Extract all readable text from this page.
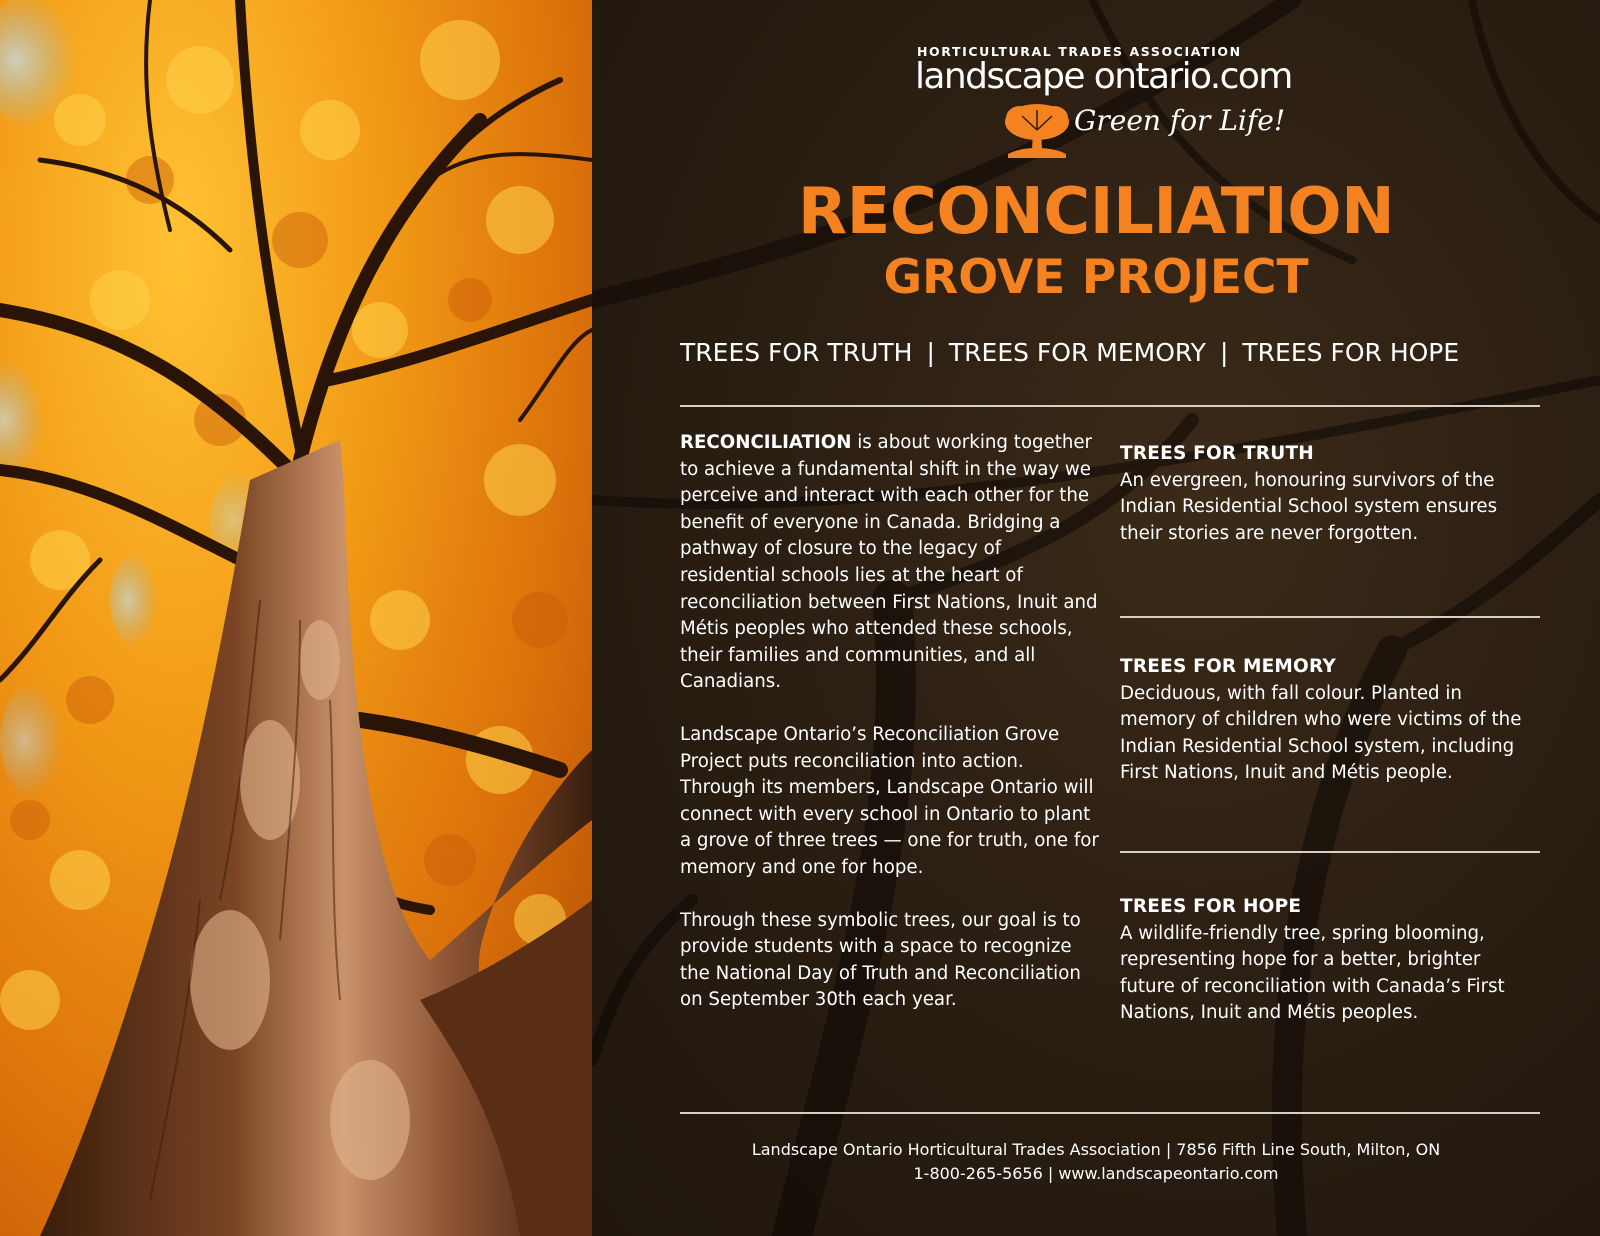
HORTICULTURAL TRADES ASSOCIATION
landscape ontario.com
Green for Life!
RECONCILIATION
GROVE PROJECT
TREES FOR TRUTH | TREES FOR MEMORY | TREES FOR HOPE

RECONCILIATION is about working together to achieve a fundamental shift in the way we perceive and interact with each other for the benefit of everyone in Canada. Bridging a pathway of closure to the legacy of residential schools lies at the heart of reconciliation between First Nations, Inuit and Métis peoples who attended these schools, their families and communities, and all Canadians.

Landscape Ontario’s Reconciliation Grove Project puts reconciliation into action. Through its members, Landscape Ontario will connect with every school in Ontario to plant a grove of three trees — one for truth, one for memory and one for hope.

Through these symbolic trees, our goal is to provide students with a space to recognize the National Day of Truth and Reconciliation on September 30th each year.

TREES FOR TRUTH

An evergreen, honouring survivors of the Indian Residential School system ensures their stories are never forgotten.

TREES FOR MEMORY

Deciduous, with fall colour. Planted in memory of children who were victims of the Indian Residential School system, including First Nations, Inuit and Métis people.

TREES FOR HOPE

A wildlife-friendly tree, spring blooming, representing hope for a better, brighter future of reconciliation with Canada’s First Nations, Inuit and Métis peoples.

Landscape Ontario Horticultural Trades Association | 7856 Fifth Line South, Milton, ON
1-800-265-5656 | www.landscapeontario.com
